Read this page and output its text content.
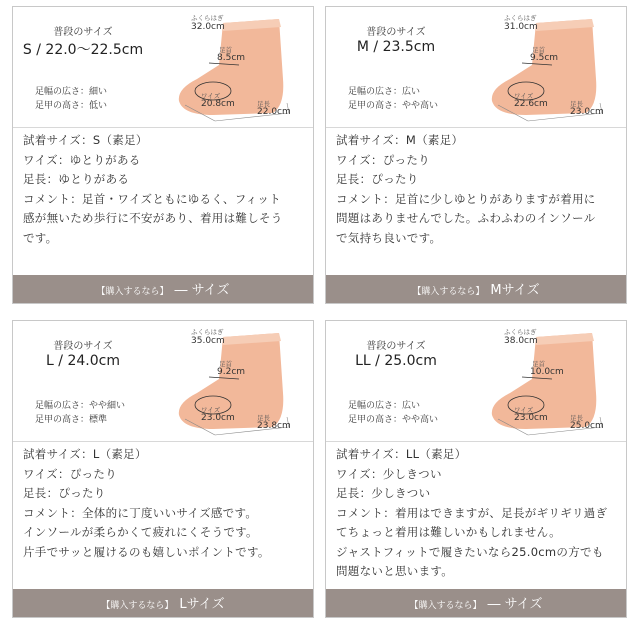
普段のサイズ
S / 22.0〜22.5cm
足幅の広さ：細い
足甲の高さ：低い
ふくらはぎ
32.0cm
足首
8.5cm
ワイズ
20.8cm	足長
22.0cm
試着サイズ：S（素足）
ワイズ：ゆとりがある
足長：ゆとりがある
コメント：足首・ワイズともにゆるく、フィット
感が無いため歩行に不安があり、着用は難しそう
です。
【購入するなら】 ― サイズ
普段のサイズ
M / 23.5cm
足幅の広さ：広い
足甲の高さ：やや高い
ふくらはぎ
31.0cm
足首
9.5cm
ワイズ
22.6cm	足長
23.0cm
試着サイズ：M（素足）
ワイズ：ぴったり
足長：ぴったり
コメント：足首に少しゆとりがありますが着用に
問題はありませんでした。ふわふわのインソール
で気持ち良いです。
【購入するなら】 Mサイズ
普段のサイズ
L / 24.0cm
足幅の広さ：やや細い
足甲の高さ：標準
ふくらはぎ
35.0cm
足首
9.2cm
ワイズ
23.0cm	足長
23.8cm
試着サイズ：L（素足）
ワイズ：ぴったり
足長：ぴったり
コメント：全体的に丁度いいサイズ感です。
インソールが柔らかくて疲れにくそうです。
片手でサッと履けるのも嬉しいポイントです。
【購入するなら】 Lサイズ
普段のサイズ
LL / 25.0cm
足幅の広さ：広い
足甲の高さ：やや高い
ふくらはぎ
38.0cm
足首
10.0cm
ワイズ
23.0cm	足長
25.0cm
試着サイズ：LL（素足）
ワイズ：少しきつい
足長：少しきつい
コメント：着用はできますが、足長がギリギリ過ぎ
てちょっと着用は難しいかもしれません。
ジャストフィットで履きたいなら25.0cmの方でも
問題ないと思います。
【購入するなら】 ― サイズ
